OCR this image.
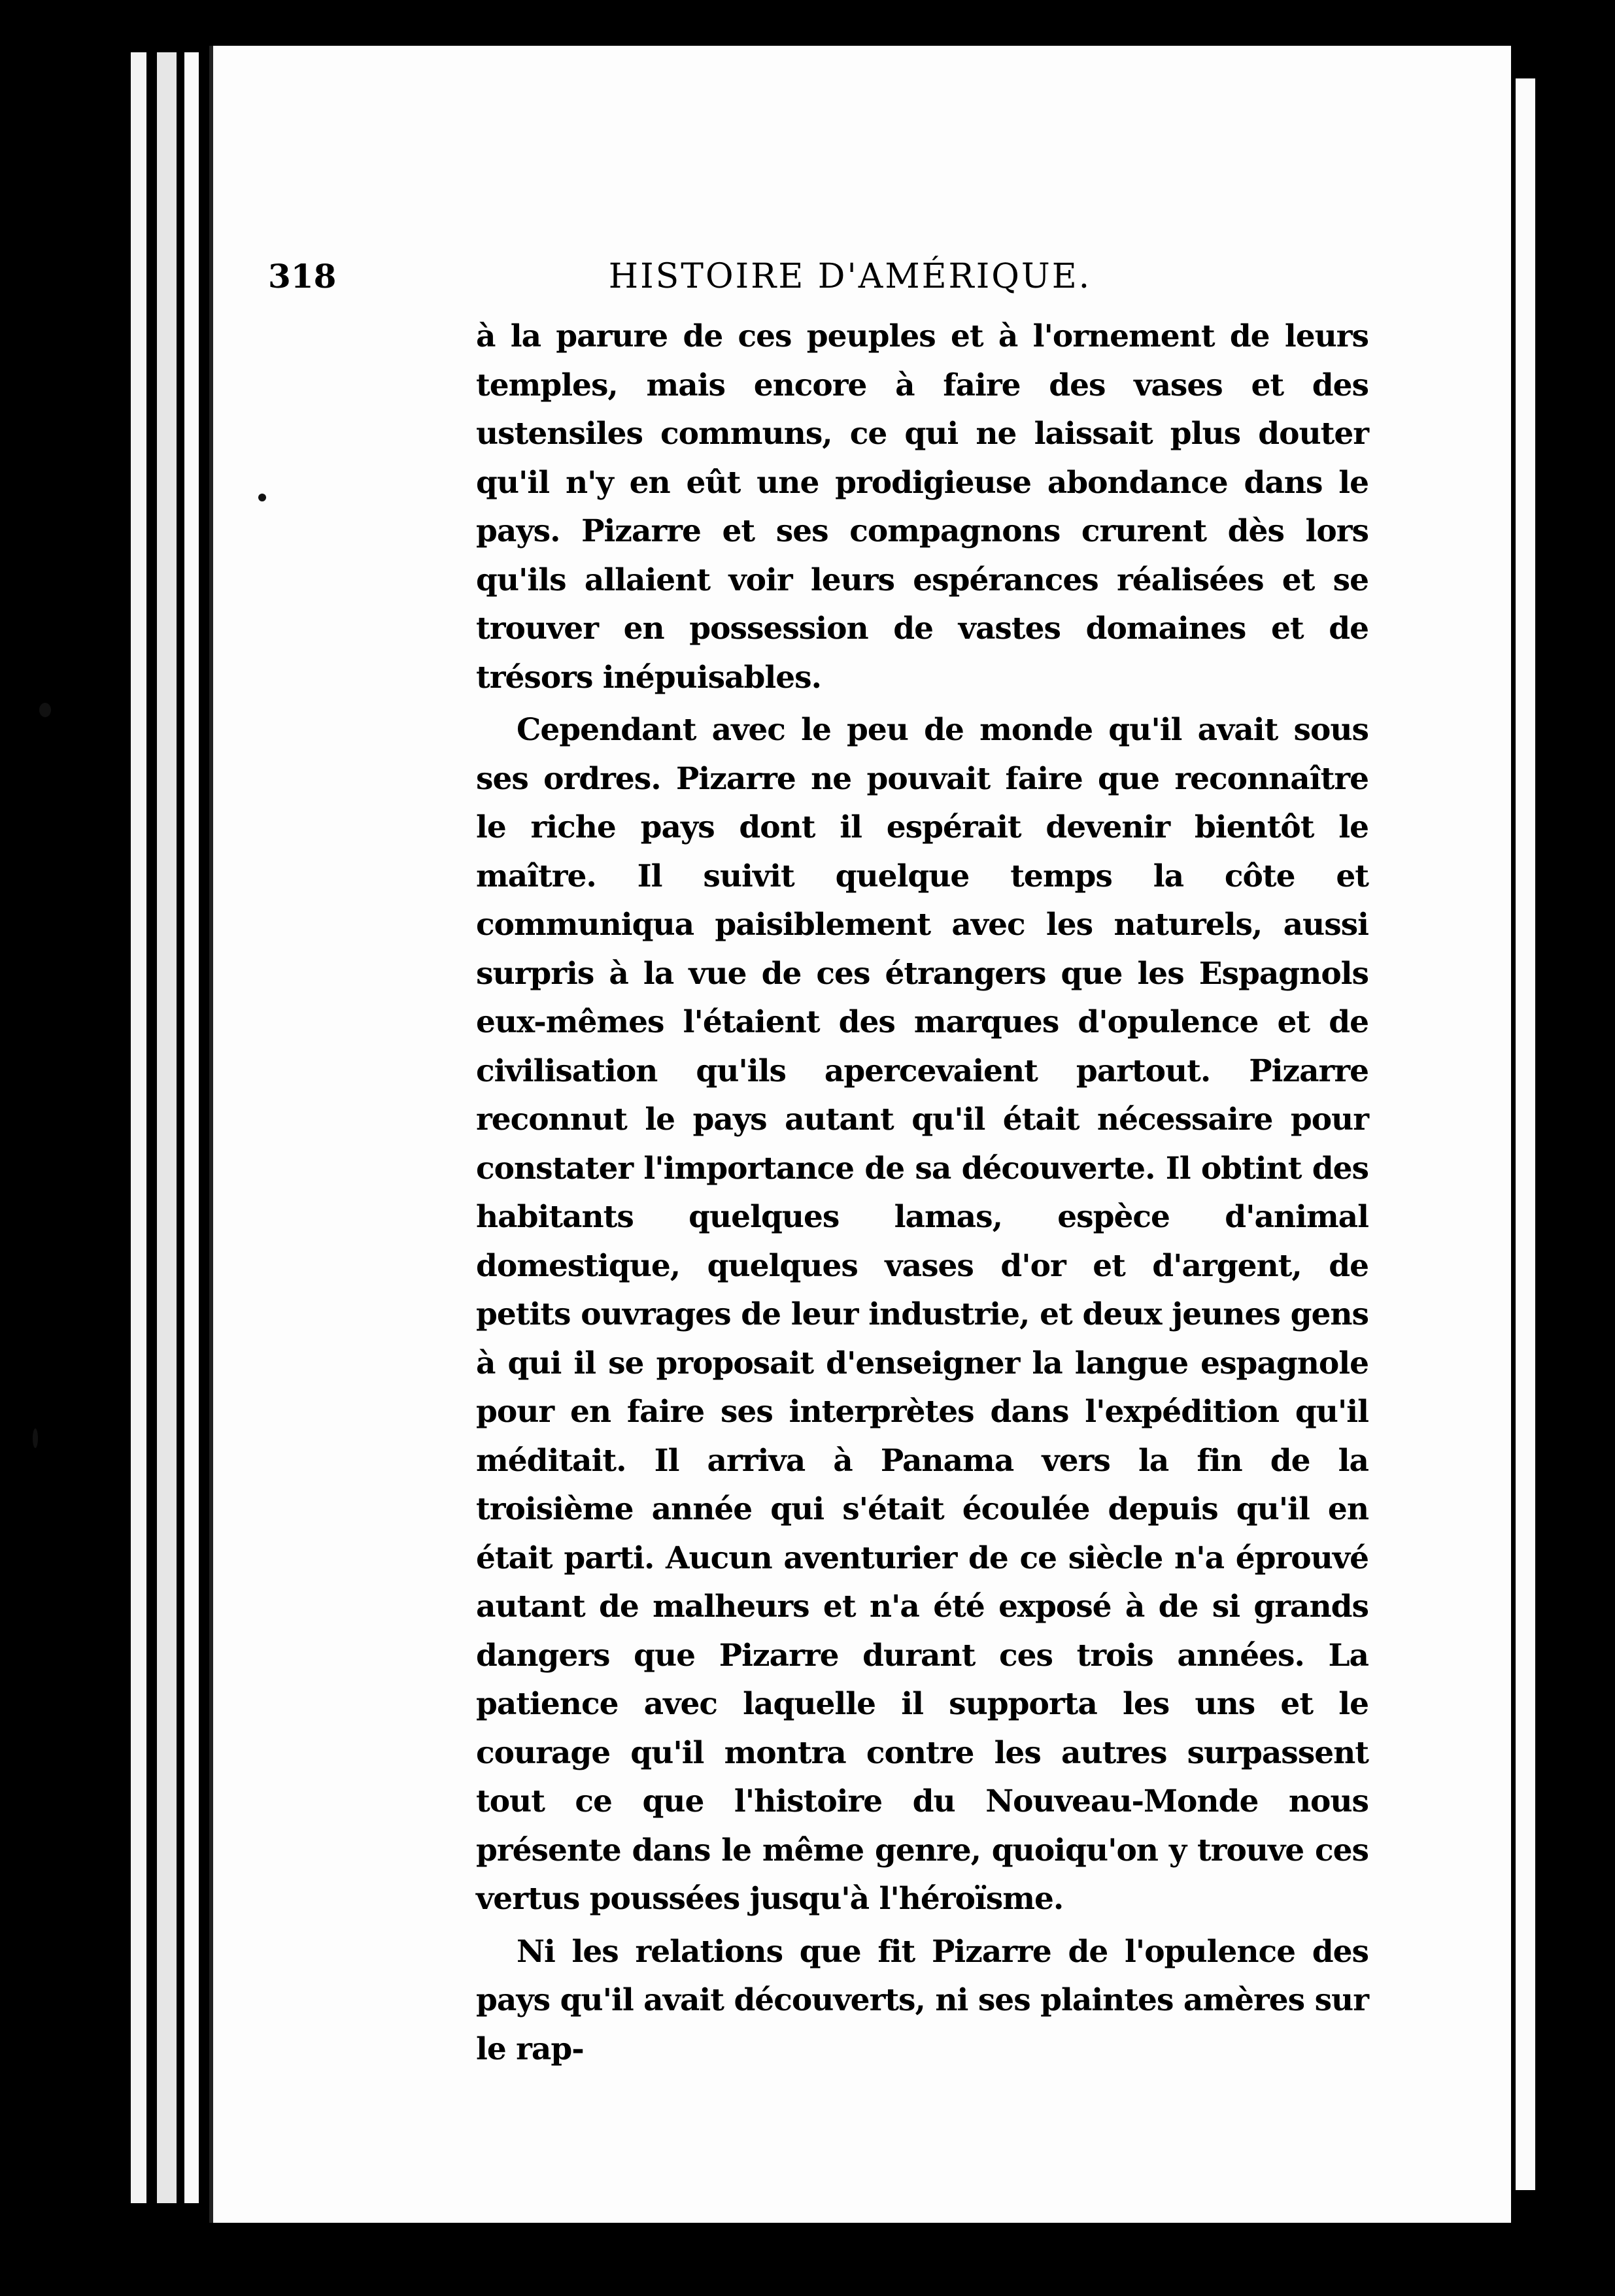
318	HISTOIRE D'AMÉRIQUE.

à la parure de ces peuples et à l'ornement de leurs temples, mais encore à faire des vases et des ustensiles communs, ce qui ne laissait plus douter qu'il n'y en eût une prodigieuse abondance dans le pays. Pizarre et ses compagnons crurent dès lors qu'ils allaient voir leurs espérances réalisées et se trouver en possession de vastes domaines et de trésors inépuisables.

Cependant avec le peu de monde qu'il avait sous ses ordres. Pizarre ne pouvait faire que reconnaître le riche pays dont il espérait devenir bientôt le maître. Il suivit quelque temps la côte et communiqua paisiblement avec les naturels, aussi surpris à la vue de ces étrangers que les Espagnols eux-mêmes l'étaient des marques d'opulence et de civilisation qu'ils apercevaient partout. Pizarre reconnut le pays autant qu'il était nécessaire pour constater l'importance de sa découverte. Il obtint des habitants quelques lamas, espèce d'animal domestique, quelques vases d'or et d'argent, de petits ouvrages de leur industrie, et deux jeunes gens à qui il se proposait d'enseigner la langue espagnole pour en faire ses interprètes dans l'expédition qu'il méditait. Il arriva à Panama vers la fin de la troisième année qui s'était écoulée depuis qu'il en était parti. Aucun aventurier de ce siècle n'a éprouvé autant de malheurs et n'a été exposé à de si grands dangers que Pizarre durant ces trois années. La patience avec laquelle il supporta les uns et le courage qu'il montra contre les autres surpassent tout ce que l'histoire du Nouveau-Monde nous présente dans le même genre, quoiqu'on y trouve ces vertus poussées jusqu'à l'héroïsme.

Ni les relations que fit Pizarre de l'opulence des pays qu'il avait découverts, ni ses plaintes amères sur le rap-
